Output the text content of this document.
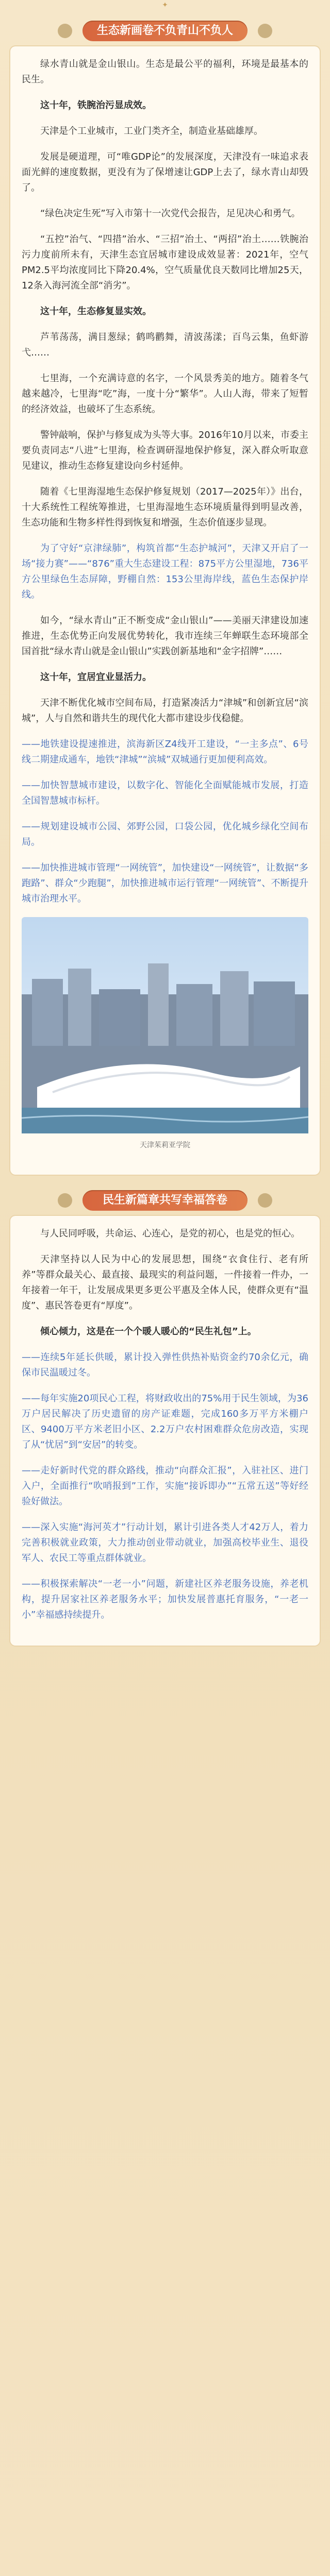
✦
生态新画卷不负青山不负人

绿水青山就是金山银山。生态是最公平的福利，环境是最基本的民生。

这十年，铁腕治污显成效。

天津是个工业城市，工业门类齐全，制造业基础雄厚。

发展是硬道理，可“唯GDP论”的发展深度，天津没有一味追求表面光鲜的速度数据，更没有为了保增速让GDP上去了，绿水青山却毁了。

“绿色决定生死”写入市第十一次党代会报告，足见决心和勇气。

“五控”治气、“四措”治水、“三招”治土、“两招”治土……铁腕治污力度前所未有，天津生态宜居城市建设成效显著：2021年，空气PM2.5平均浓度同比下降20.4%，空气质量优良天数同比增加25天，12条入海河流全部“消劣”。

这十年，生态修复显实效。

芦苇荡荡，满目葱绿；鹤鸣鹳舞，清波荡漾；百鸟云集，鱼虾游弋……

七里海，一个充满诗意的名字，一个风景秀美的地方。随着冬气越来越冷，七里海“吃”海，一度十分“繁华”。人山人海，带来了短暂的经济效益，也破坏了生态系统。

警钟敲响，保护与修复成为头等大事。2016年10月以来，市委主要负责同志“八进”七里海，检查调研湿地保护修复，深入群众听取意见建议，推动生态修复建设向乡村延伸。

随着《七里海湿地生态保护修复规划（2017—2025年）》出台，十大系统性工程统筹推进，七里海湿地生态环境质量得到明显改善，生态功能和生物多样性得到恢复和增强，生态价值逐步显现。

为了守好“京津绿肺”，构筑首都“生态护城河”，天津又开启了一场“接力赛”——“876”重大生态建设工程：875平方公里湿地，736平方公里绿色生态屏障，野棚自然：153公里海岸线，蓝色生态保护岸线。

如今，“绿水青山”正不断变成“金山银山”——美丽天津建设加速推进，生态优势正向发展优势转化，我市连续三年蝉联生态环境部全国首批“绿水青山就是金山银山”实践创新基地和“金字招牌”……

这十年，宜居宜业显活力。

天津不断优化城市空间布局，打造紧凑活力“津城”和创新宜居“滨城”，人与自然和谐共生的现代化大都市建设步伐稳健。

——地铁建设提速推进，滨海新区Z4线开工建设，“一主多点”、6号线二期建成通车，地铁“津城”“滨城”双城通行更加便利高效。

——加快智慧城市建设，以数字化、智能化全面赋能城市发展，打造全国智慧城市标杆。

——规划建设城市公园、郊野公园，口袋公园，优化城乡绿化空间布局。

——加快推进城市管理“一网统管”，加快建设“一网统管”，让数据“多跑路”、群众“少跑腿”，加快推进城市运行管理“一网统管”、不断提升城市治理水平。

天津茱莉亚学院
民生新篇章共写幸福答卷

与人民同呼吸，共命运、心连心，是党的初心，也是党的恒心。

天津坚持以人民为中心的发展思想，围绕“衣食住行、老有所养”等群众最关心、最直接、最现实的利益问题，一件接着一件办，一年接着一年干，让发展成果更多更公平惠及全体人民，使群众更有“温度”、惠民答卷更有“厚度”。

倾心倾力，这是在一个个暖人暖心的“民生礼包”上。

——连续5年延长供暖，累计投入弹性供热补贴资金约70余亿元，确保市民温暖过冬。

——每年实施20项民心工程，将财政收出的75%用于民生领域，为36万户居民解决了历史遗留的房产证难题，完成160多万平方米棚户区、9400万平方米老旧小区、2.2万户农村困难群众危房改造，实现了从“忧居”到“安居”的转变。

——走好新时代党的群众路线，推动“向群众汇报”，入驻社区、进门入户，全面推行“吹哨报到”工作，实施“接诉即办”“五常五送”等好经验好做法。

——深入实施“海河英才”行动计划，累计引进各类人才42万人，着力完善积极就业政策，大力推动创业带动就业，加强高校毕业生、退役军人、农民工等重点群体就业。

——积极探索解决“一老一小”问题，新建社区养老服务设施，养老机构，提升居家社区养老服务水平；加快发展普惠托育服务，“一老一小”幸福感持续提升。
